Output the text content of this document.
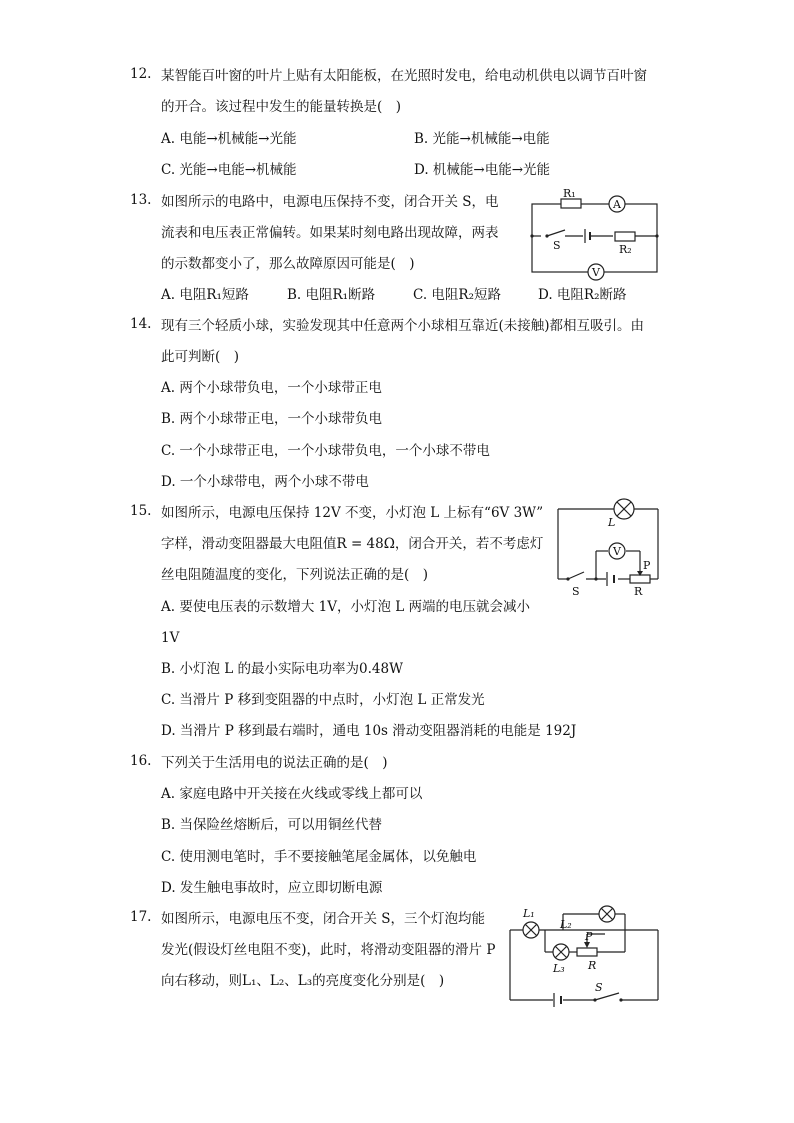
12. 某智能百叶窗的叶片上贴有太阳能板，在光照时发电，给电动机供电以调节百叶窗
的开合。该过程中发生的能量转换是(　)
A. 电能→机械能→光能	B. 光能→机械能→电能
C. 光能→电能→机械能	D. 机械能→电能→光能
13. 如图所示的电路中，电源电压保持不变，闭合开关 S，电
流表和电压表正常偏转。如果某时刻电路出现故障，两表
的示数都变小了，那么故障原因可能是(　)
A. 电阻R₁短路	B. 电阻R₁断路	C. 电阻R₂短路	D. 电阻R₂断路
R₁
A
S	R₂
V
14. 现有三个轻质小球，实验发现其中任意两个小球相互靠近(未接触)都相互吸引。由
此可判断(　)
A. 两个小球带负电，一个小球带正电
B. 两个小球带正电，一个小球带负电
C. 一个小球带正电，一个小球带负电，一个小球不带电
D. 一个小球带电，两个小球不带电
15. 如图所示，电源电压保持 12V 不变，小灯泡 L 上标有“6V 3W”
字样，滑动变阻器最大电阻值R = 48Ω，闭合开关，若不考虑灯
丝电阻随温度的变化，下列说法正确的是(　)
A. 要使电压表的示数增大 1V，小灯泡 L 两端的电压就会减小
1V
B. 小灯泡 L 的最小实际电功率为0.48W
C. 当滑片 P 移到变阻器的中点时，小灯泡 L 正常发光
D. 当滑片 P 移到最右端时，通电 10s 滑动变阻器消耗的电能是 192J
L
V
S
P
R
16. 下列关于生活用电的说法正确的是(　)
A. 家庭电路中开关接在火线或零线上都可以
B. 当保险丝熔断后，可以用铜丝代替
C. 使用测电笔时，手不要接触笔尾金属体，以免触电
D. 发生触电事故时，应立即切断电源
17. 如图所示，电源电压不变，闭合开关 S，三个灯泡均能
发光(假设灯丝电阻不变)，此时，将滑动变阻器的滑片 P
向右移动，则L₁、L₂、L₃的亮度变化分别是(　)
L₁
L₂
L₃
P
R
S
